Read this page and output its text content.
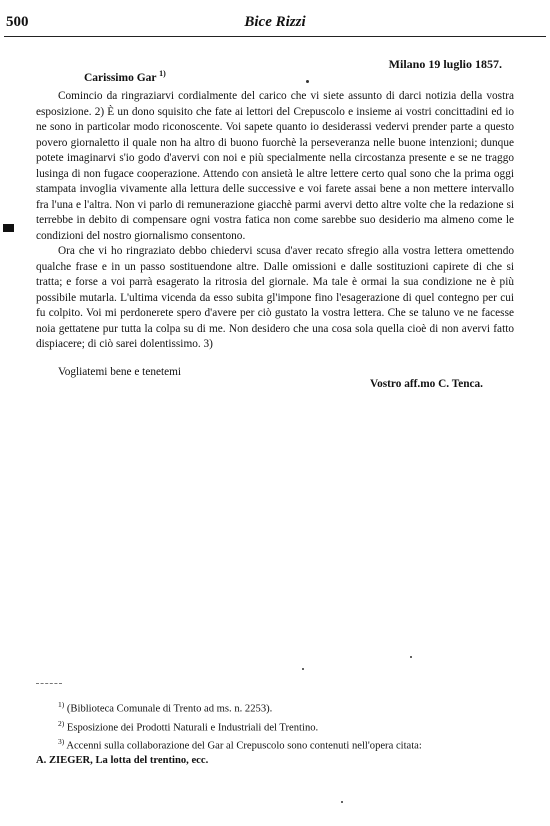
500	Bice Rizzi
Milano 19 luglio 1857.
Carissimo Gar $^{1)}$

Comincio da ringraziarvi cordialmente del carico che vi siete assunto di darci notizia della vostra esposizione. 2) È un dono squisito che fate ai lettori del Crepuscolo e insieme ai vostri concittadini ed io ne sono in particolar modo riconoscente. Voi sapete quanto io desiderassi vedervi prender parte a questo povero giornaletto il quale non ha altro di buono fuorchè la perseveranza nelle buone intenzioni; dunque potete imaginarvi s'io godo d'avervi con noi e più specialmente nella circostanza presente e se ne traggo lusinga di non fugace cooperazione. Attendo con ansietà le altre lettere certo qual sono che la prima oggi stampata invoglia vivamente alla lettura delle successive e voi farete assai bene a non mettere intervallo fra l'una e l'altra. Non vi parlo di remunerazione giacchè parmi avervi detto altre volte che la redazione si terrebbe in debito di compensare ogni vostra fatica non come sarebbe suo desiderio ma almeno come le condizioni del nostro giornalismo consentono.

Ora che vi ho ringraziato debbo chiedervi scusa d'aver recato sfregio alla vostra lettera omettendo qualche frase e in un passo sostituendone altre. Dalle omissioni e dalle sostituzioni capirete di che si tratta; e forse a voi parrà esagerato la ritrosia del giornale. Ma tale è ormai la sua condizione ne è più possibile mutarla. L'ultima vicenda da esso subita gl'impone fino l'esagerazione di quel contegno per cui fu colpito. Voi mi perdonerete spero d'avere per ciò gustato la vostra lettera. Che se taluno ve ne facesse noia gettatene pur tutta la colpa su di me. Non desidero che una cosa sola quella cioè di non avervi fatto dispiacere; di ciò sarei dolentissimo. 3)

Vogliatemi bene e tenetemi
Vostro aff.mo C. Tenca.

$^{1)}$ (Biblioteca Comunale di Trento ad ms. n. 2253).

$^{2)}$ Esposizione dei Prodotti Naturali e Industriali del Trentino.

$^{3)}$ Accenni sulla collaborazione del Gar al Crepuscolo sono contenuti nell'opera citata:

A. ZIEGER, La lotta del trentino, ecc.
